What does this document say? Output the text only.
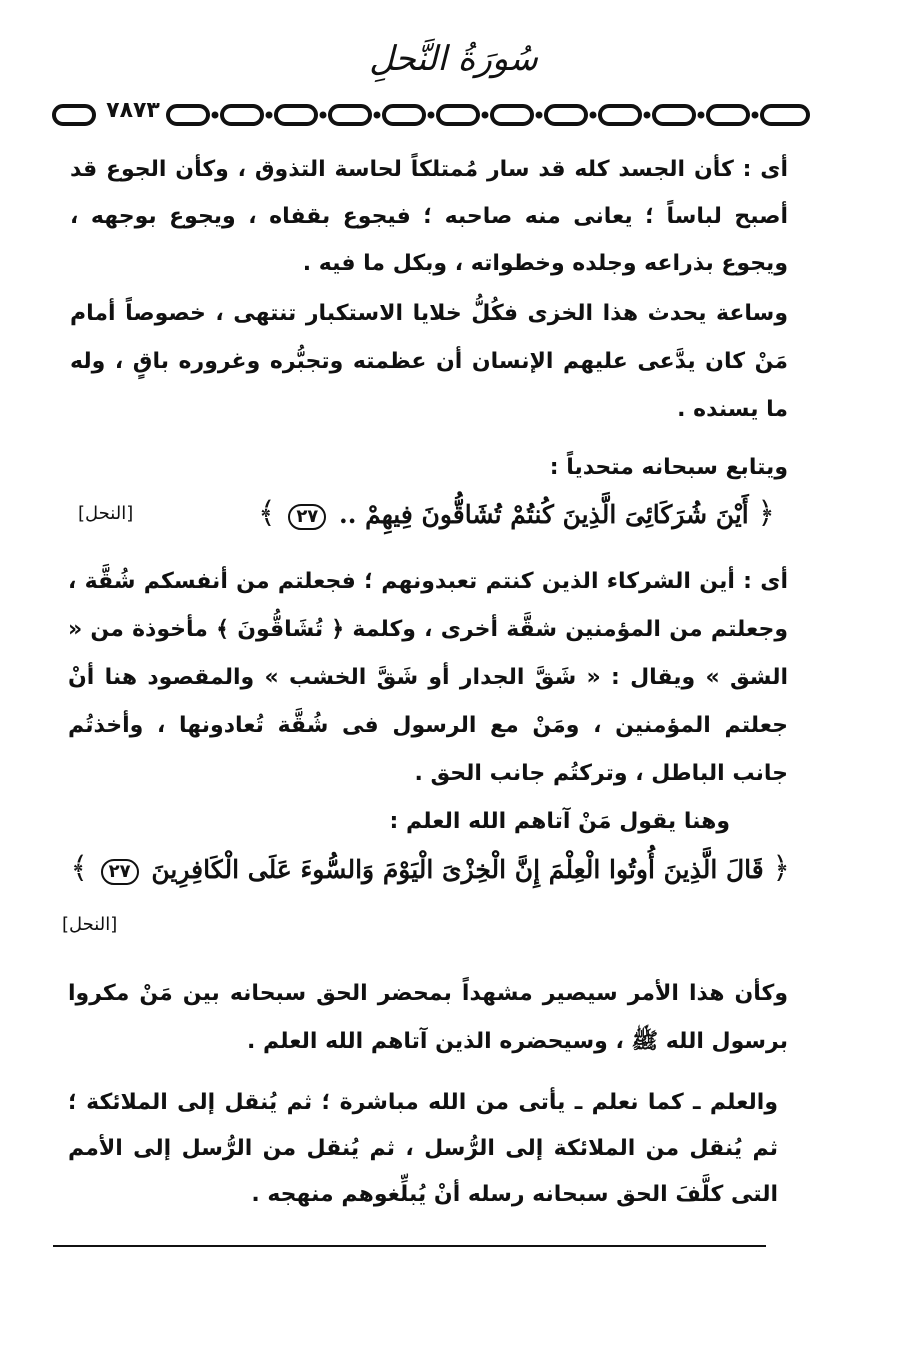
سُورَةُ النَّحلِ
٧٨٧٣
أى : كأن الجسد كله قد سار مُمتلكاً لحاسة التذوق ، وكأن الجوع قد أصبح لباساً ؛ يعانى منه صاحبه ؛ فيجوع بقفاه ، ويجوع بوجهه ، ويجوع بذراعه وجلده وخطواته ، وبكل ما فيه .
وساعة يحدث هذا الخزى فكُلُّ خلايا الاستكبار تنتهى ، خصوصاً أمام مَنْ كان يدَّعى عليهم الإنسان أن عظمته وتجبُّره وغروره باقٍ ، وله ما يسنده .
ويتابع سبحانه متحدياً :
﴿ أَيْنَ شُرَكَائِىَ الَّذِينَ كُنتُمْ تُشَاقُّونَ فِيهِمْ .. ٢٧ ﴾
[النحل]
أى : أين الشركاء الذين كنتم تعبدونهم ؛ فجعلتم من أنفسكم شُقَّة ، وجعلتم من المؤمنين شقَّة أخرى ، وكلمة ﴿ تُشَاقُّونَ ﴾ مأخوذة من « الشق » ويقال : « شَقَّ الجدار أو شَقَّ الخشب » والمقصود هنا أنْ جعلتم المؤمنين ، ومَنْ مع الرسول فى شُقَّة تُعادونها ، وأخذتُم جانب الباطل ، وتركتُم جانب الحق .
وهنا يقول مَنْ آتاهم الله العلم :
﴿ قَالَ الَّذِينَ أُوتُوا الْعِلْمَ إِنَّ الْخِزْىَ الْيَوْمَ وَالسُّوءَ عَلَى الْكَافِرِينَ ٢٧ ﴾
[النحل]
وكأن هذا الأمر سيصير مشهداً بمحضر الحق سبحانه بين مَنْ مكروا برسول الله ﷺ ، وسيحضره الذين آتاهم الله العلم .
والعلم ـ كما نعلم ـ يأتى من الله مباشرة ؛ ثم يُنقل إلى الملائكة ؛ ثم يُنقل من الملائكة إلى الرُّسل ، ثم يُنقل من الرُّسل إلى الأمم التى كلَّفَ الحق سبحانه رسله أنْ يُبلِّغوهم منهجه .
